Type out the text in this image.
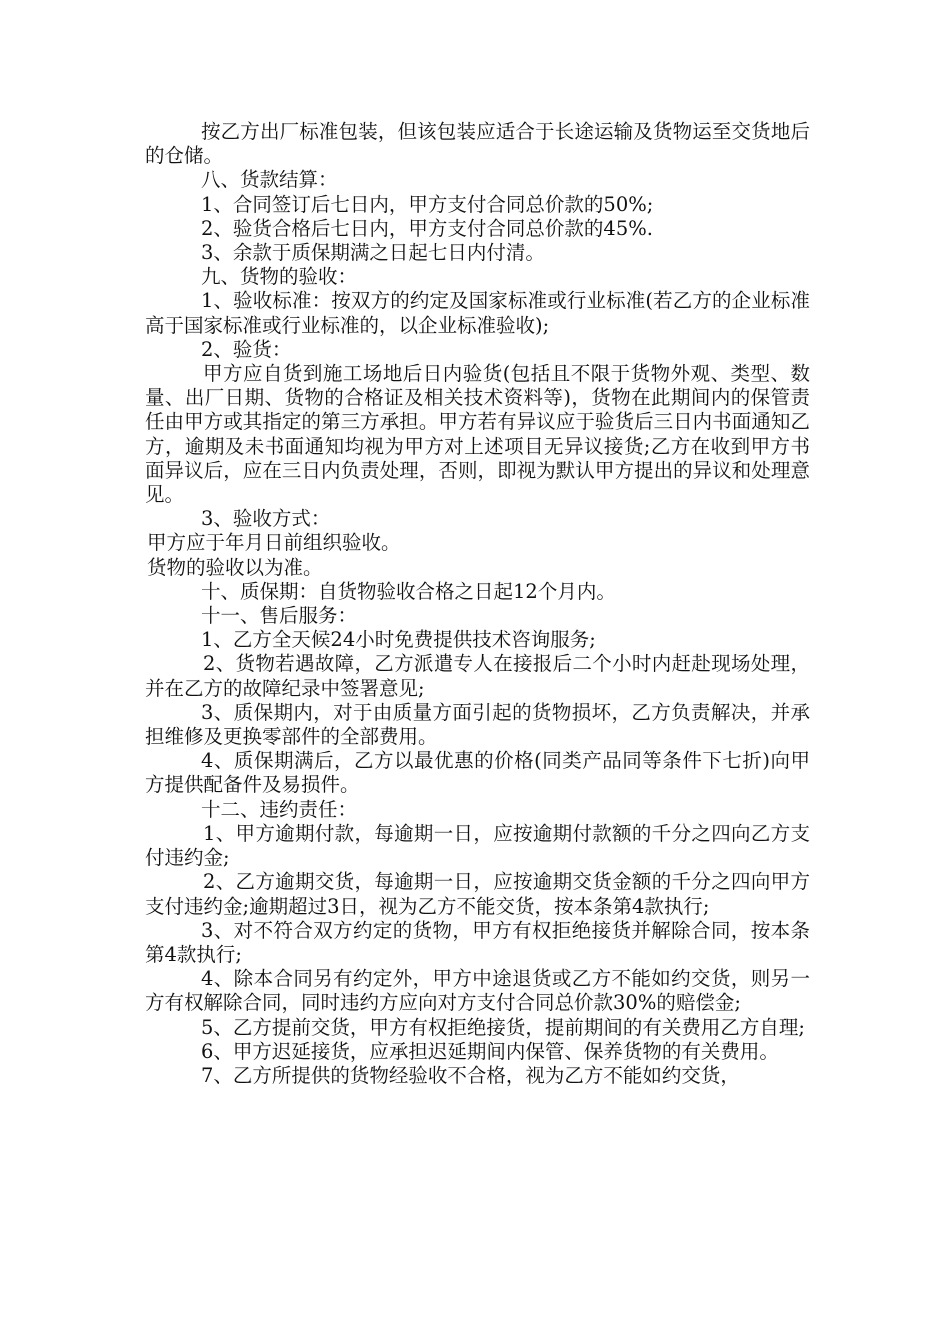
按乙方出厂标准包装，但该包装应适合于长途运输及货物运至交货地后的仓储。

八、货款结算：

1、合同签订后七日内，甲方支付合同总价款的50%;

2、验货合格后七日内，甲方支付合同总价款的45%.

3、余款于质保期满之日起七日内付清。

九、货物的验收：

1、验收标准：按双方的约定及国家标准或行业标准(若乙方的企业标准高于国家标准或行业标准的，以企业标准验收);

2、验货：

甲方应自货到施工场地后日内验货(包括且不限于货物外观、类型、数量、出厂日期、货物的合格证及相关技术资料等)，货物在此期间内的保管责任由甲方或其指定的第三方承担。甲方若有异议应于验货后三日内书面通知乙方，逾期及未书面通知均视为甲方对上述项目无异议接货;乙方在收到甲方书面异议后，应在三日内负责处理，否则，即视为默认甲方提出的异议和处理意见。

3、验收方式：

甲方应于年月日前组织验收。

货物的验收以为准。

十、质保期：自货物验收合格之日起12个月内。

十一、售后服务：

1、乙方全天候24小时免费提供技术咨询服务;

2、货物若遇故障，乙方派遣专人在接报后二个小时内赶赴现场处理，并在乙方的故障纪录中签署意见;

3、质保期内，对于由质量方面引起的货物损坏，乙方负责解决，并承担维修及更换零部件的全部费用。

4、质保期满后，乙方以最优惠的价格(同类产品同等条件下七折)向甲方提供配备件及易损件。

十二、违约责任：

1、甲方逾期付款，每逾期一日，应按逾期付款额的千分之四向乙方支付违约金;

2、乙方逾期交货，每逾期一日，应按逾期交货金额的千分之四向甲方支付违约金;逾期超过3日，视为乙方不能交货，按本条第4款执行;

3、对不符合双方约定的货物，甲方有权拒绝接货并解除合同，按本条第4款执行;

4、除本合同另有约定外，甲方中途退货或乙方不能如约交货，则另一方有权解除合同，同时违约方应向对方支付合同总价款30%的赔偿金;

5、乙方提前交货，甲方有权拒绝接货，提前期间的有关费用乙方自理;

6、甲方迟延接货，应承担迟延期间内保管、保养货物的有关费用。

7、乙方所提供的货物经验收不合格，视为乙方不能如约交货，
